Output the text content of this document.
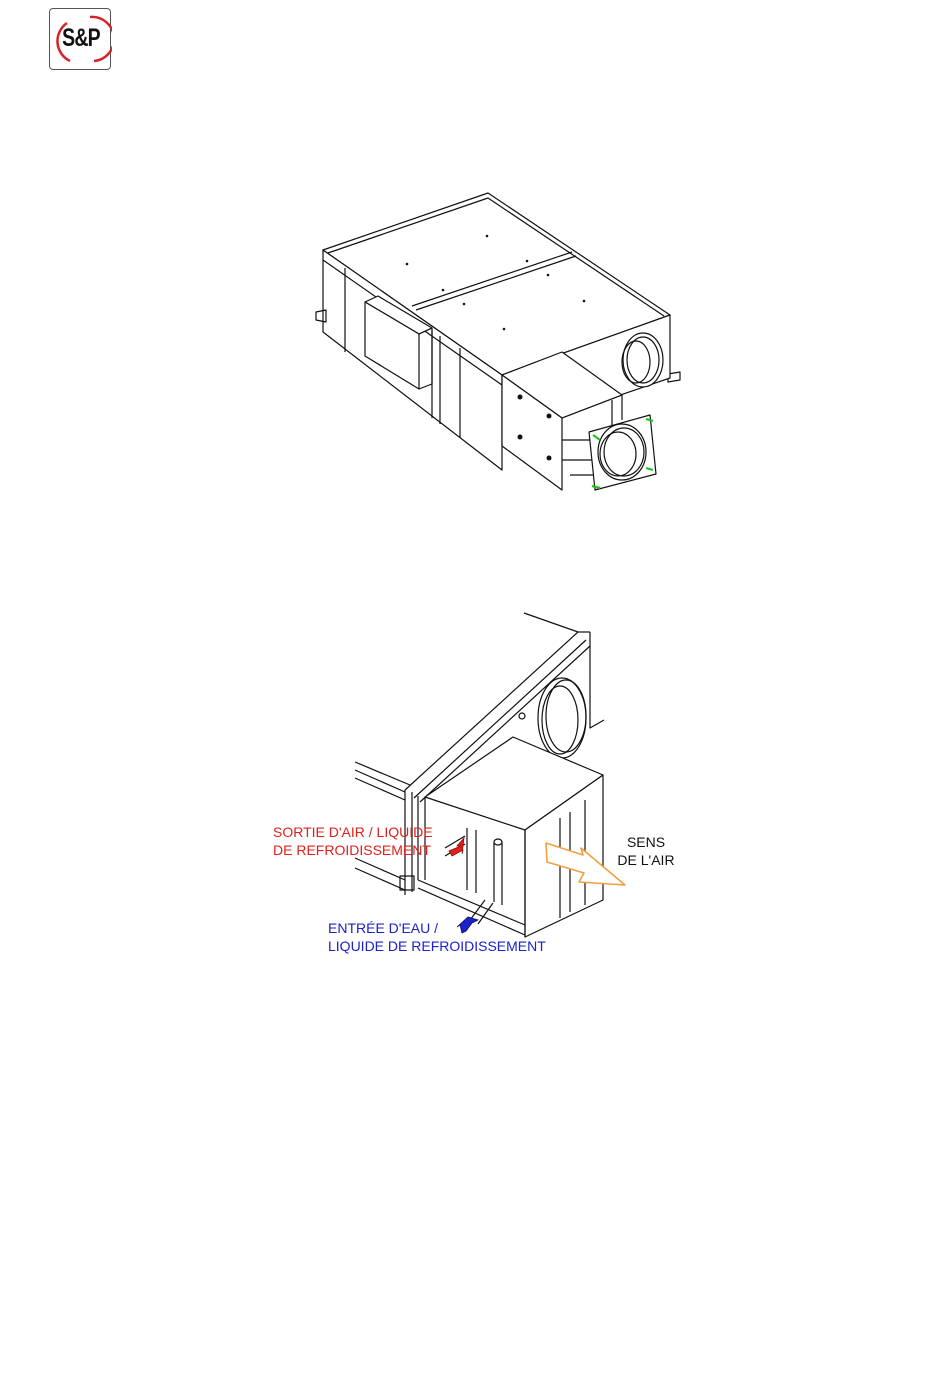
S&P
SORTIE D'AIR / LIQUIDE
DE REFROIDISSEMENT
ENTRÉE D'EAU /
LIQUIDE DE REFROIDISSEMENT
SENS
DE L'AIR
